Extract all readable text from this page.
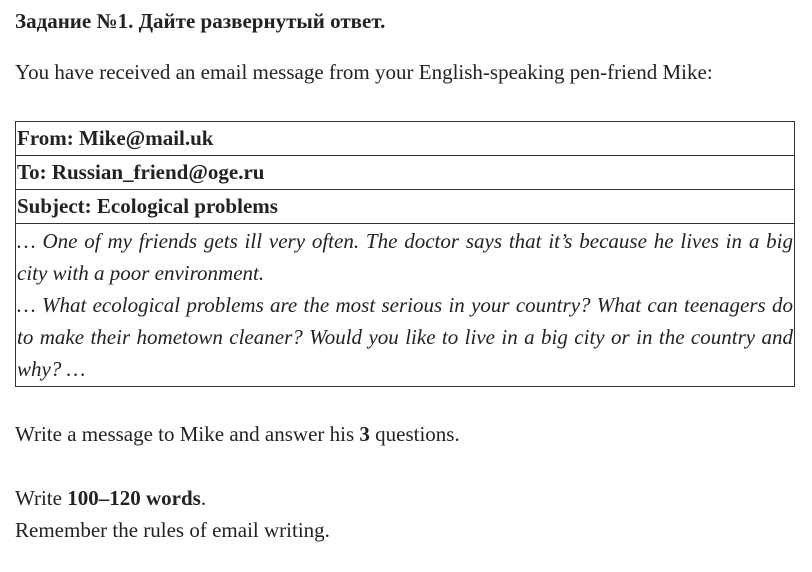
Задание №1. Дайте развернутый ответ.
You have received an email message from your English-speaking pen-friend Mike:
From: Mike@mail.uk
To: Russian_friend@oge.ru
Subject: Ecological problems

… One of my friends gets ill very often. The doctor says that it’s because he lives in a big city with a poor environment.

… What ecological problems are the most serious in your country? What can teenagers do to make their hometown cleaner? Would you like to live in a big city or in the country and why? …

Write a message to Mike and answer his 3 questions.
Write 100–120 words.
Remember the rules of email writing.
